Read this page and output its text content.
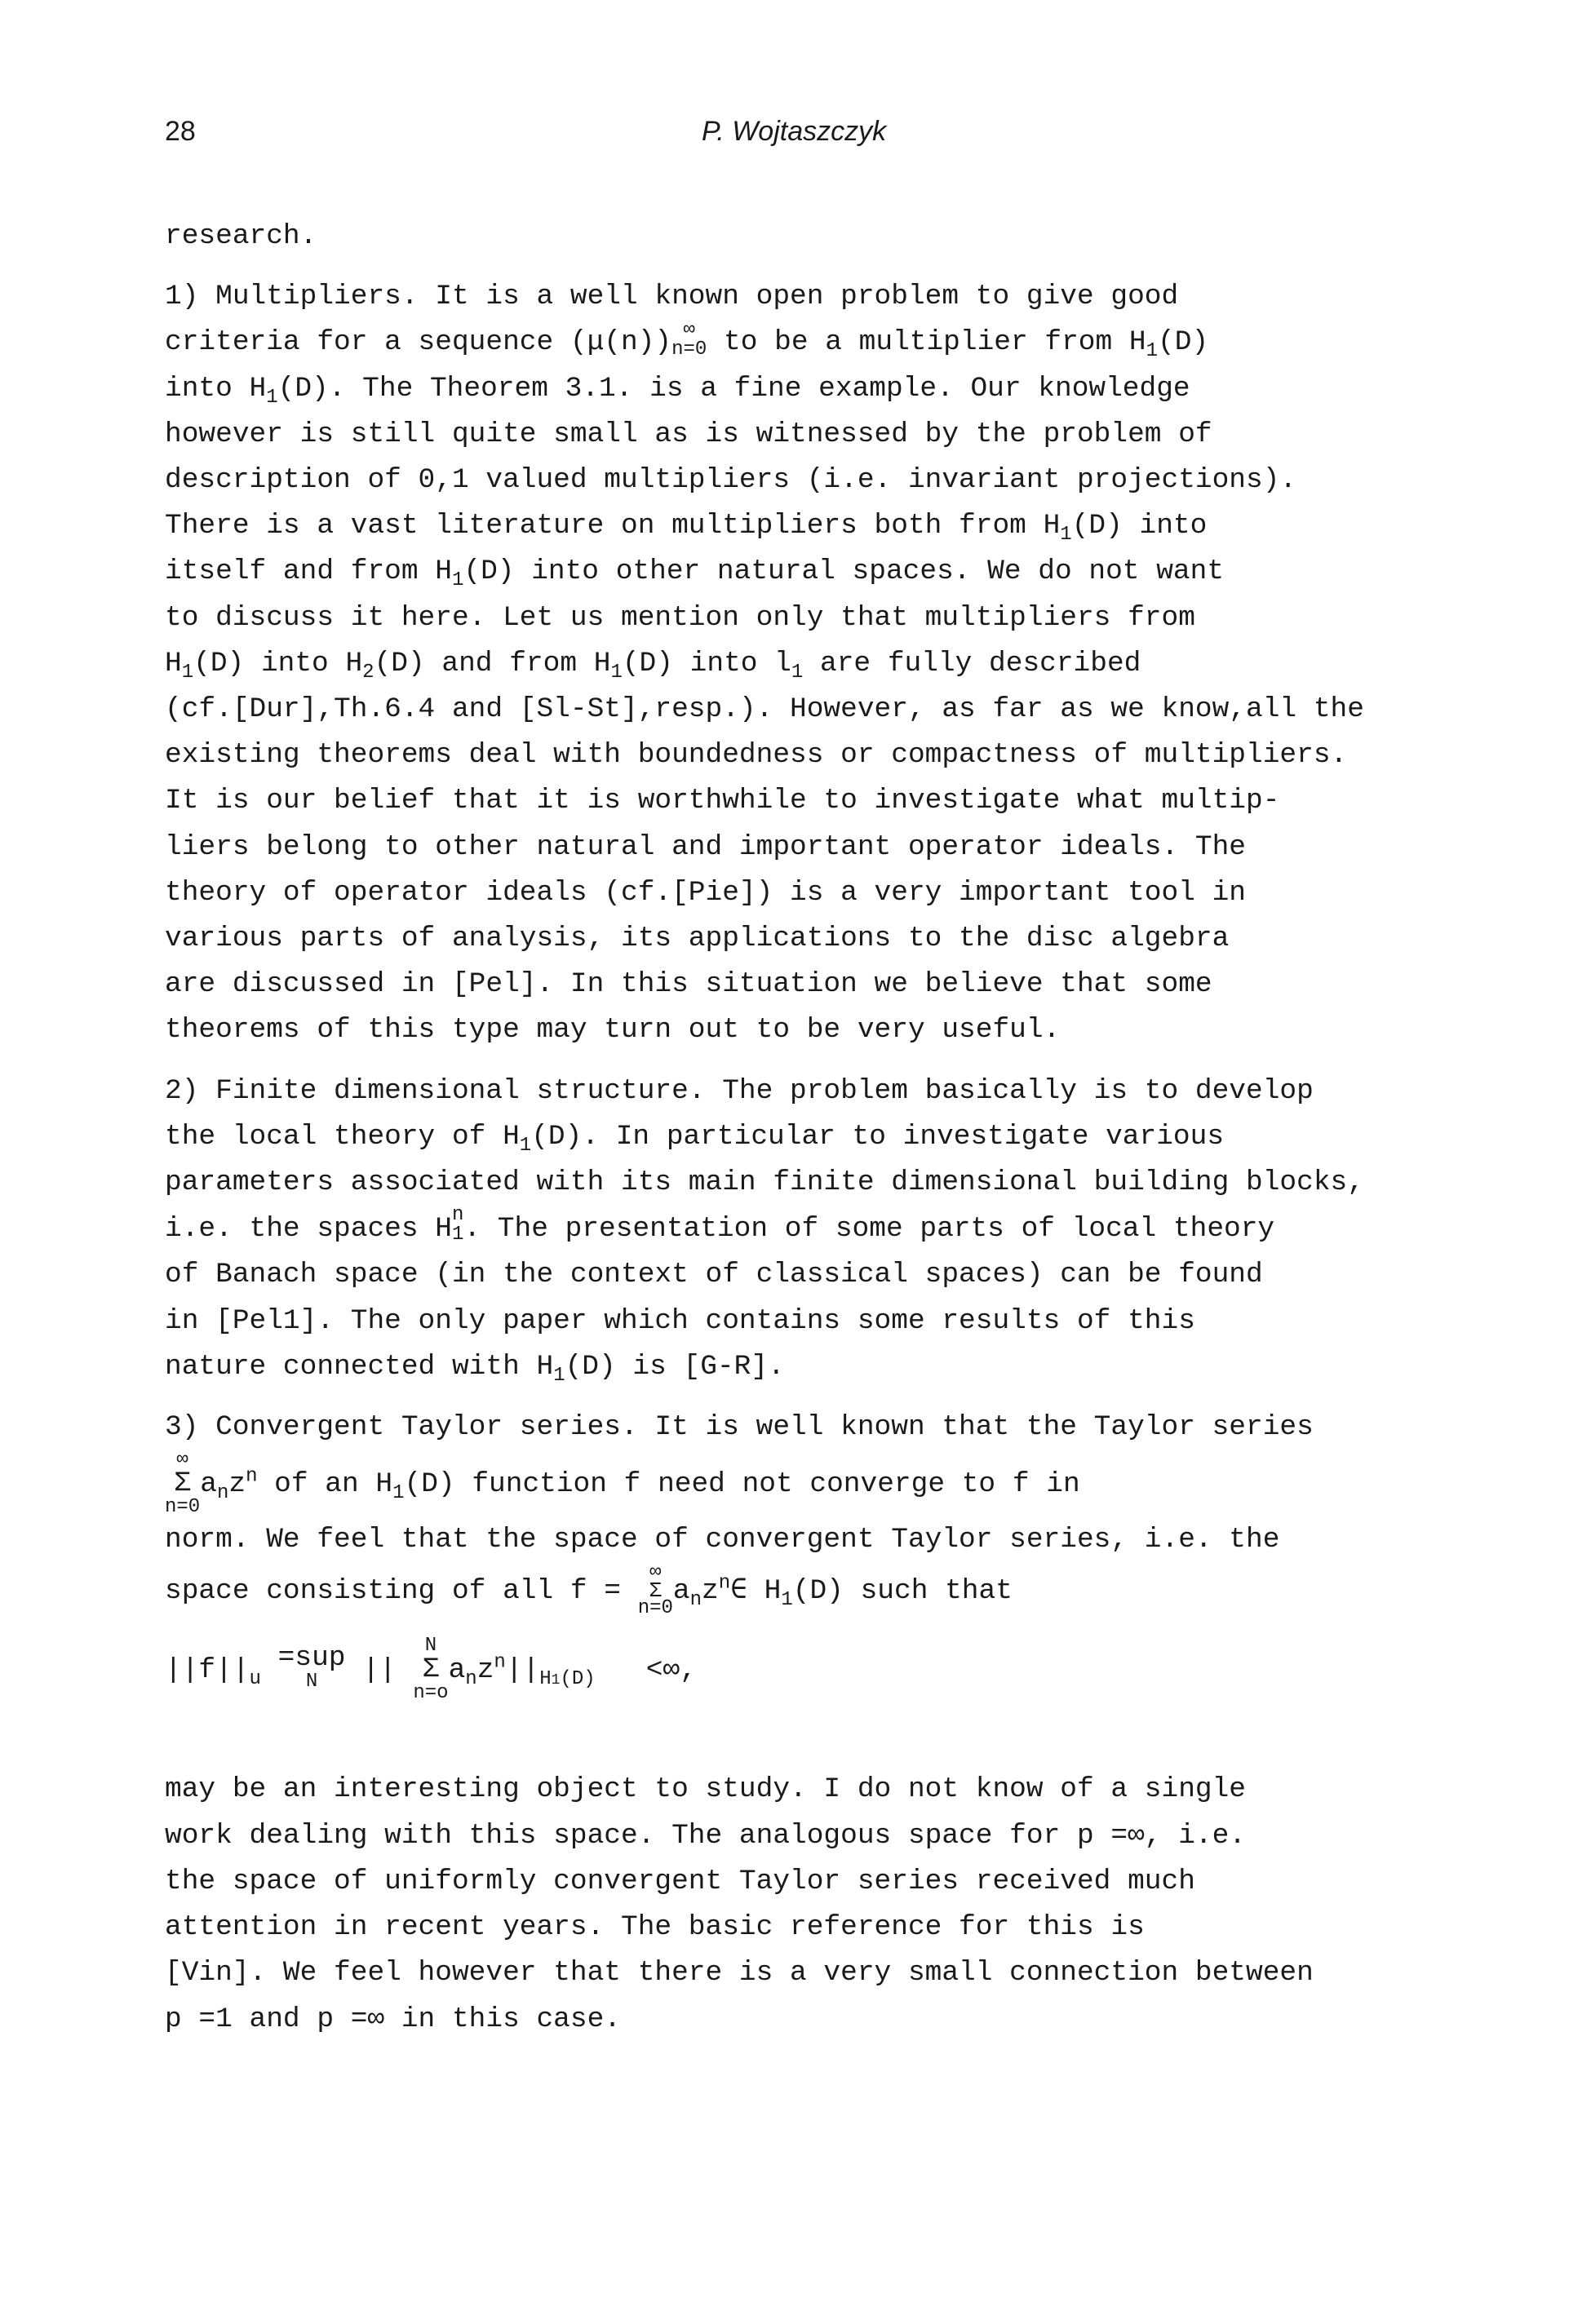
28	P. Wojtaszczyk
research.
1) Multipliers. It is a well known open problem to give good
criteria for a sequence (μ(n)) ∞
n=0 to be a multiplier from $H_1(D)$
into $H_1(D)$. The Theorem 3.1. is a fine example. Our knowledge
however is still quite small as is witnessed by the problem of
description of 0,1 valued multipliers (i.e. invariant projections).
There is a vast literature on multipliers both from $H_1(D)$ into
itself and from $H_1(D)$ into other natural spaces. We do not want
to discuss it here. Let us mention only that multipliers from
$H_1(D)$ into $H_2(D)$ and from $H_1(D)$ into $l_1$ are fully described
(cf.[Dur],Th.6.4 and [Sl-St],resp.). However, as far as we know,all the
existing theorems deal with boundedness or compactness of multipliers.
It is our belief that it is worthwhile to investigate what multip-
liers belong to other natural and important operator ideals. The
theory of operator ideals (cf.[Pie]) is a very important tool in
various parts of analysis, its applications to the disc algebra
are discussed in [Pel]. In this situation we believe that some
theorems of this type may turn out to be very useful.
2) Finite dimensional structure. The problem basically is to develop
the local theory of $H_1(D)$. In particular to investigate various
parameters associated with its main finite dimensional building blocks,
i.e. the spaces H n
1 . The presentation of some parts of local theory
of Banach space (in the context of classical spaces) can be found
in [Pel1]. The only paper which contains some results of this
nature connected with $H_1(D)$ is [G-R].
3) Convergent Taylor series. It is well known that the Taylor series
∞
Σ
n=0
$a_nz^n$ of an $H_1(D)$ function f need not converge to f in
norm. We feel that the space of convergent Taylor series, i.e. the
space consisting of all f =
∞
Σ
n=0
$a_nz^n\in$ $H_1(D)$ such that
$||f||_u$
=sup
N	||
N
Σ
n=o
$a_nz^n||_{H1(D)}$ <∞,
may be an interesting object to study. I do not know of a single
work dealing with this space. The analogous space for p =∞, i.e.
the space of uniformly convergent Taylor series received much
attention in recent years. The basic reference for this is
[Vin]. We feel however that there is a very small connection between
p =1 and p =∞ in this case.
